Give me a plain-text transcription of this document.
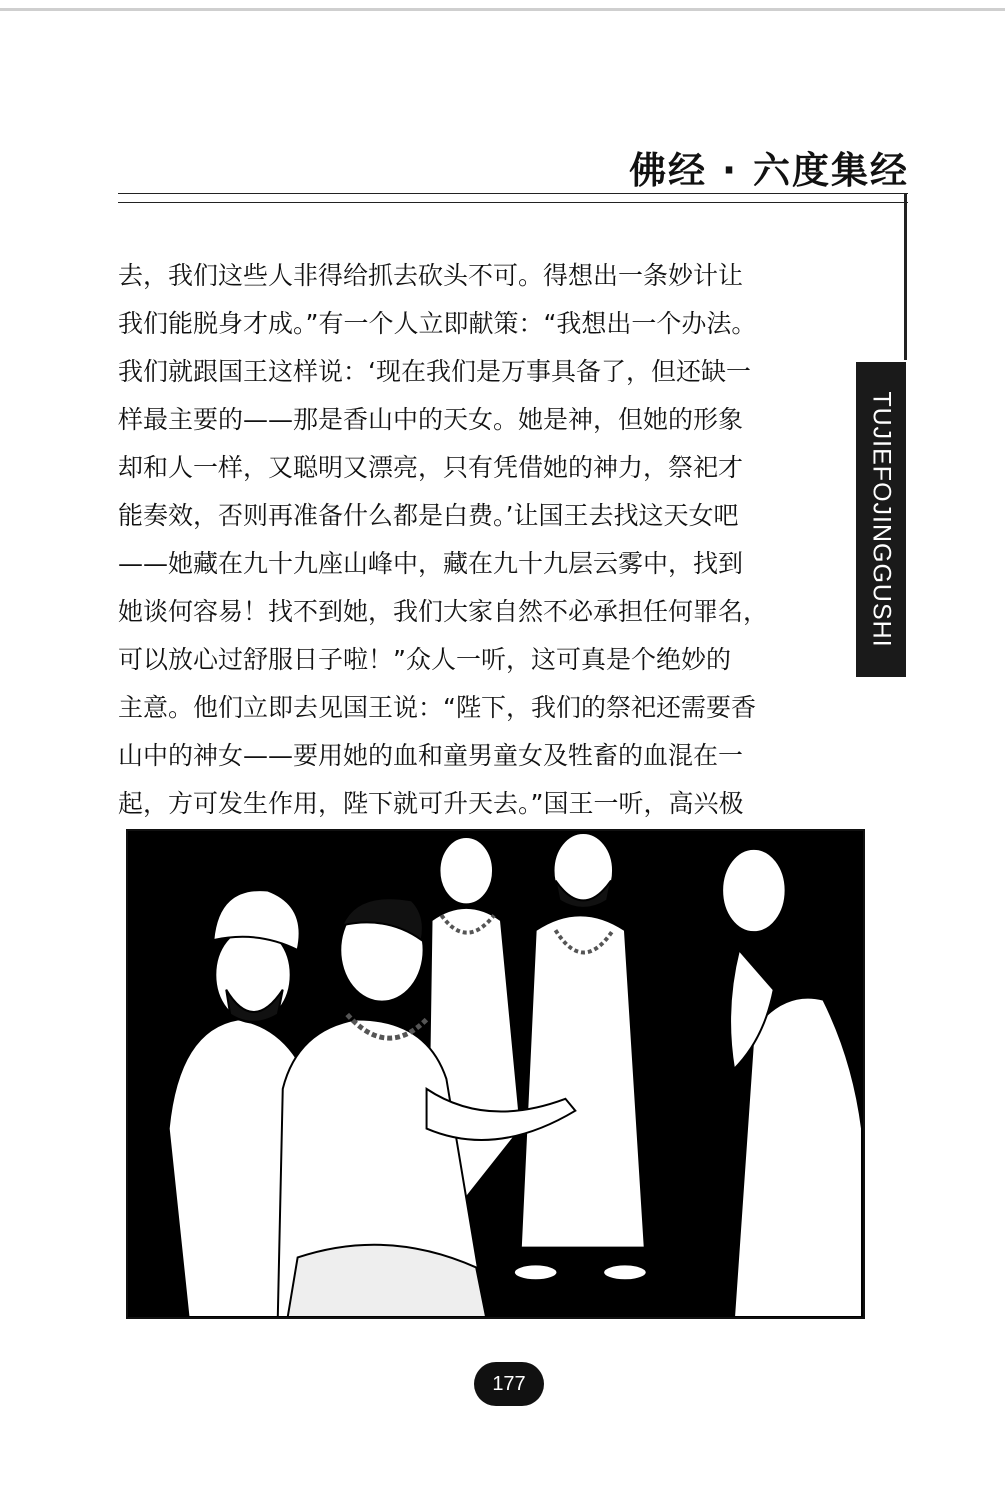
佛经 · 六度集经
TUJIEFOJINGGUSHI
去，我们这些人非得给抓去砍头不可。得想出一条妙计让
我们能脱身才成。”有一个人立即献策：“我想出一个办法。
我们就跟国王这样说：‘现在我们是万事具备了，但还缺一
样最主要的——那是香山中的天女。她是神，但她的形象
却和人一样，又聪明又漂亮，只有凭借她的神力，祭祀才
能奏效，否则再准备什么都是白费。’让国王去找这天女吧
——她藏在九十九座山峰中，藏在九十九层云雾中，找到
她谈何容易！找不到她，我们大家自然不必承担任何罪名，
可以放心过舒服日子啦！”众人一听，这可真是个绝妙的
主意。他们立即去见国王说：“陛下，我们的祭祀还需要香
山中的神女——要用她的血和童男童女及牲畜的血混在一
起，方可发生作用，陛下就可升天去。”国王一听，高兴极
177
